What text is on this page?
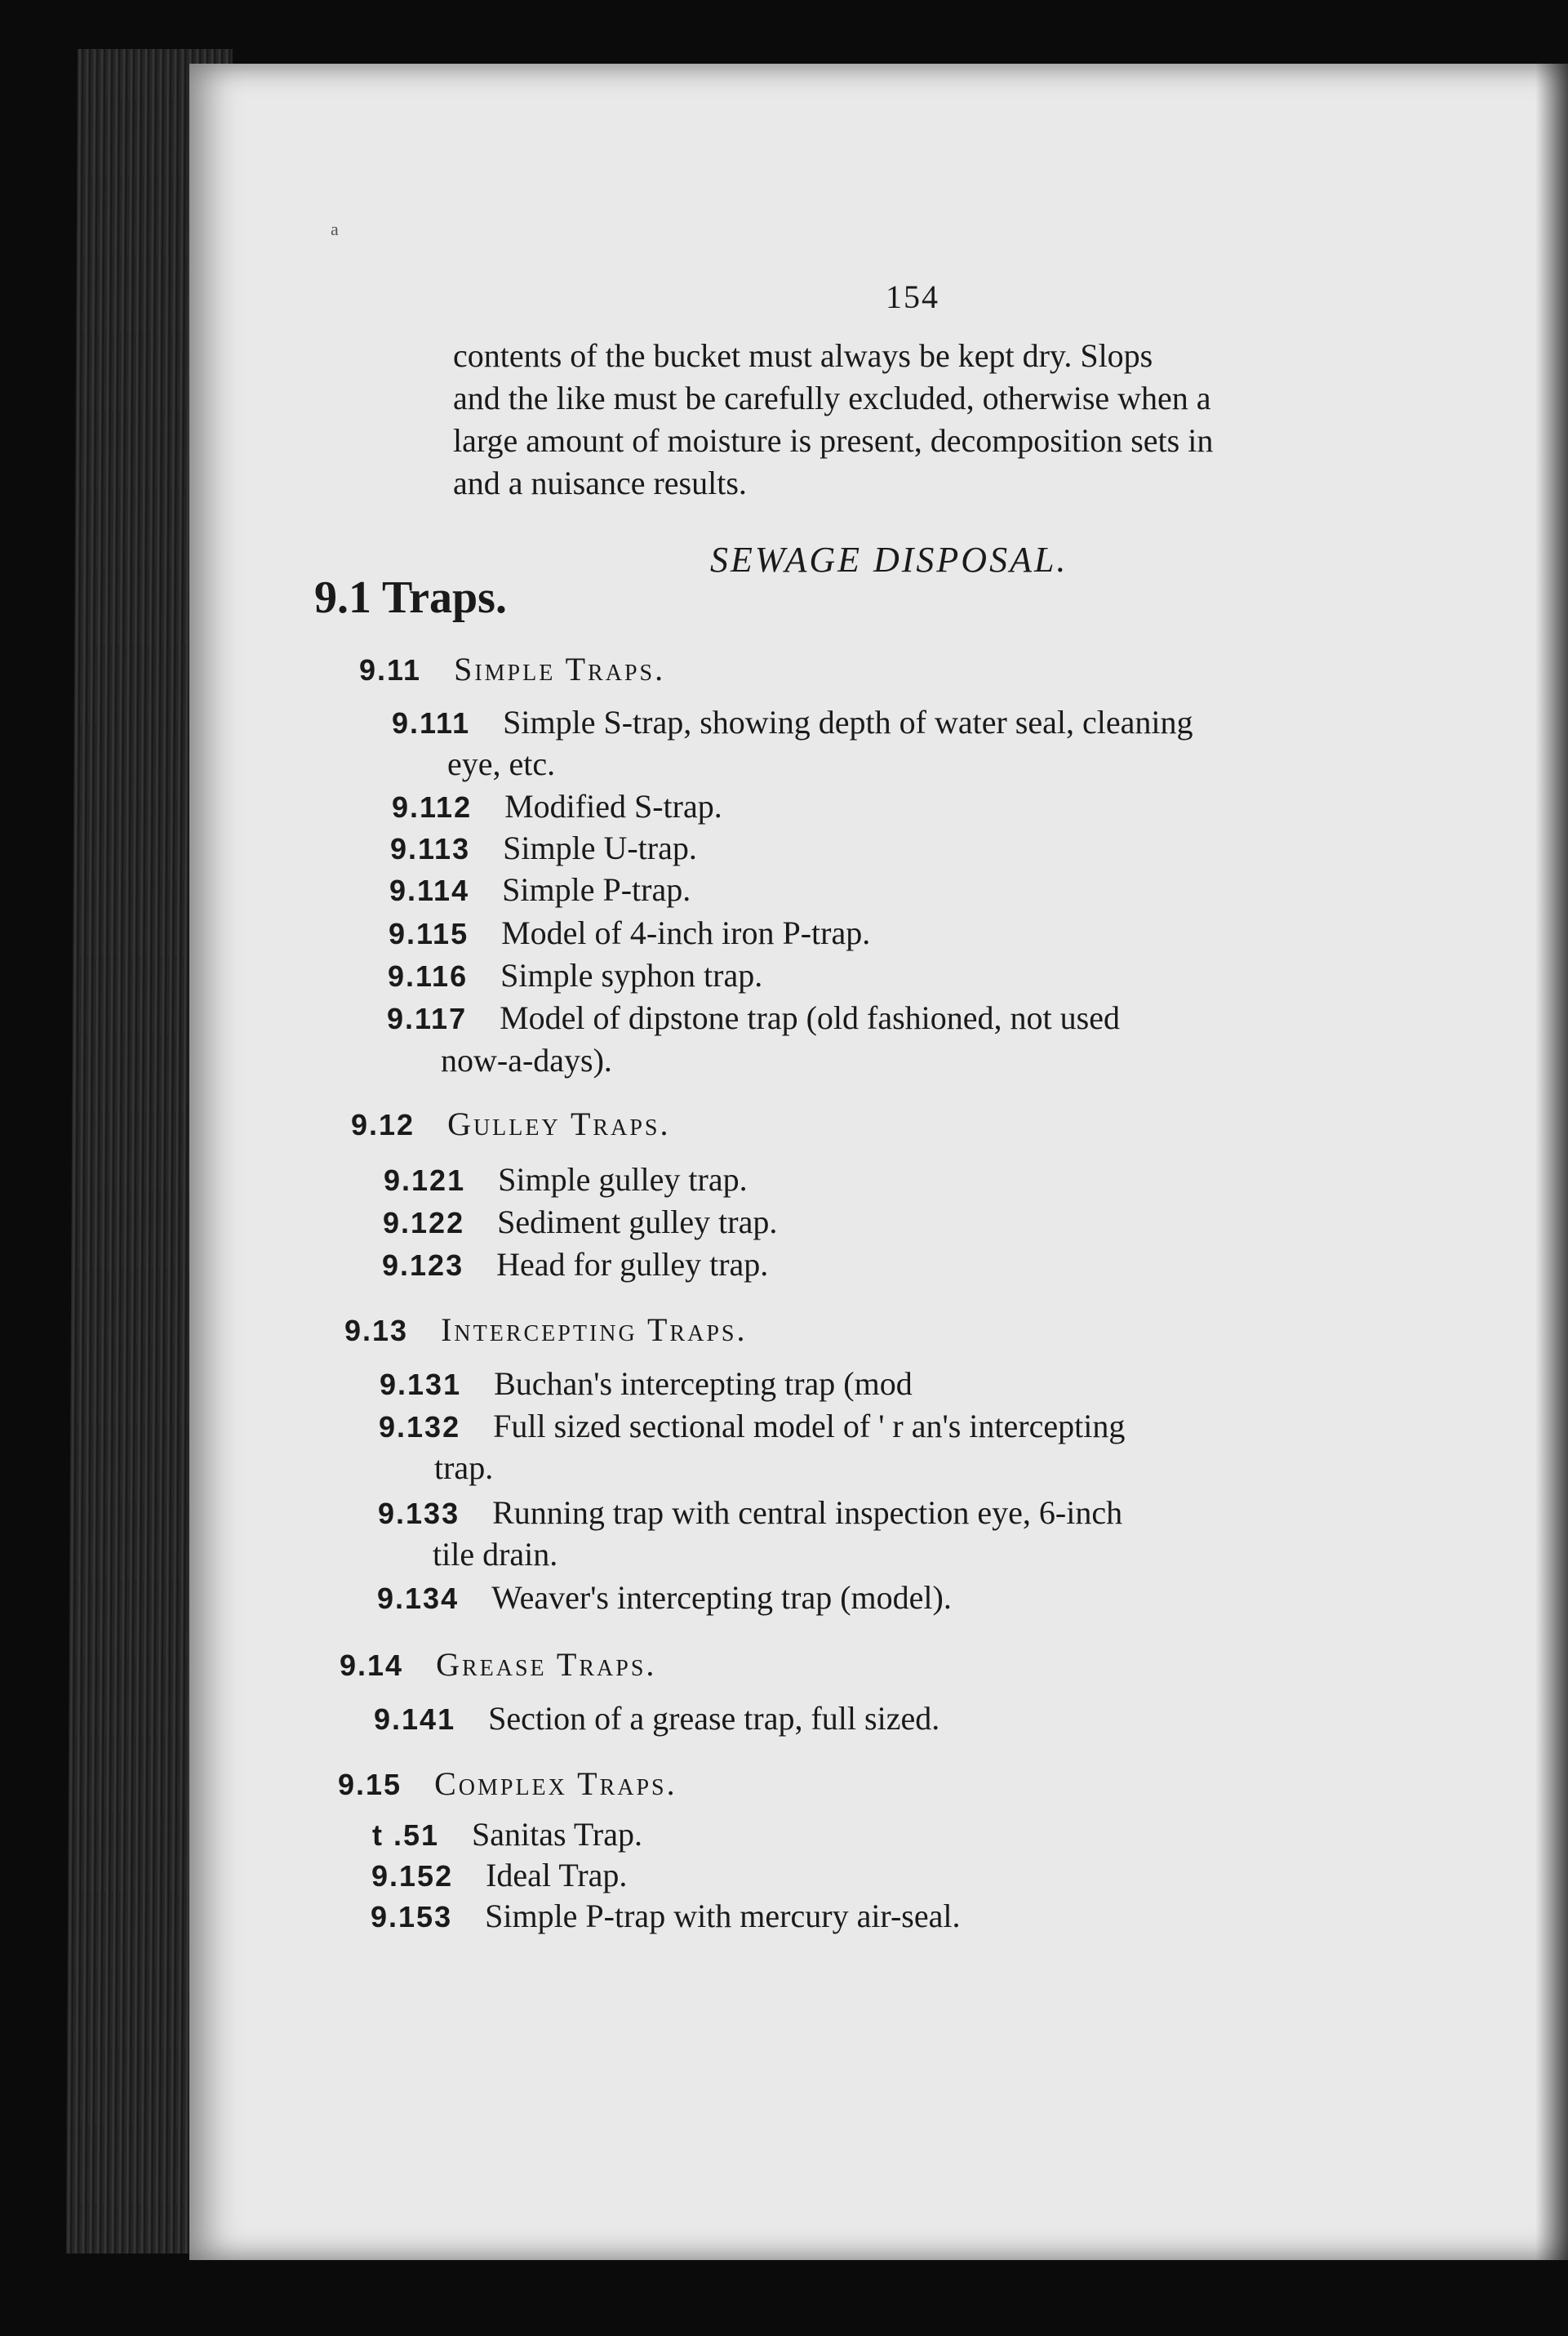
a
154
contents of the bucket must always be kept dry. Slops
and the like must be carefully excluded, otherwise when a
large amount of moisture is present, decomposition sets in
and a nuisance results.
SEWAGE DISPOSAL.
9.1 Traps.
9.11 Simple Traps.
9.111 Simple S-trap, showing depth of water seal, cleaning
eye, etc.
9.112 Modified S-trap.
9.113 Simple U-trap.
9.114 Simple P-trap.
9.115 Model of 4-inch iron P-trap.
9.116 Simple syphon trap.
9.117 Model of dipstone trap (old fashioned, not used
now-a-days).
9.12 Gulley Traps.
9.121 Simple gulley trap.
9.122 Sediment gulley trap.
9.123 Head for gulley trap.
9.13 Intercepting Traps.
9.131 Buchan's intercepting trap (mod
9.132 Full sized sectional model of ' r an's intercepting
trap.
9.133 Running trap with central inspection eye, 6-inch
tile drain.
9.134 Weaver's intercepting trap (model).
9.14 Grease Traps.
9.141 Section of a grease trap, full sized.
9.15 Complex Traps.
t .51 Sanitas Trap.
9.152 Ideal Trap.
9.153 Simple P-trap with mercury air-seal.
